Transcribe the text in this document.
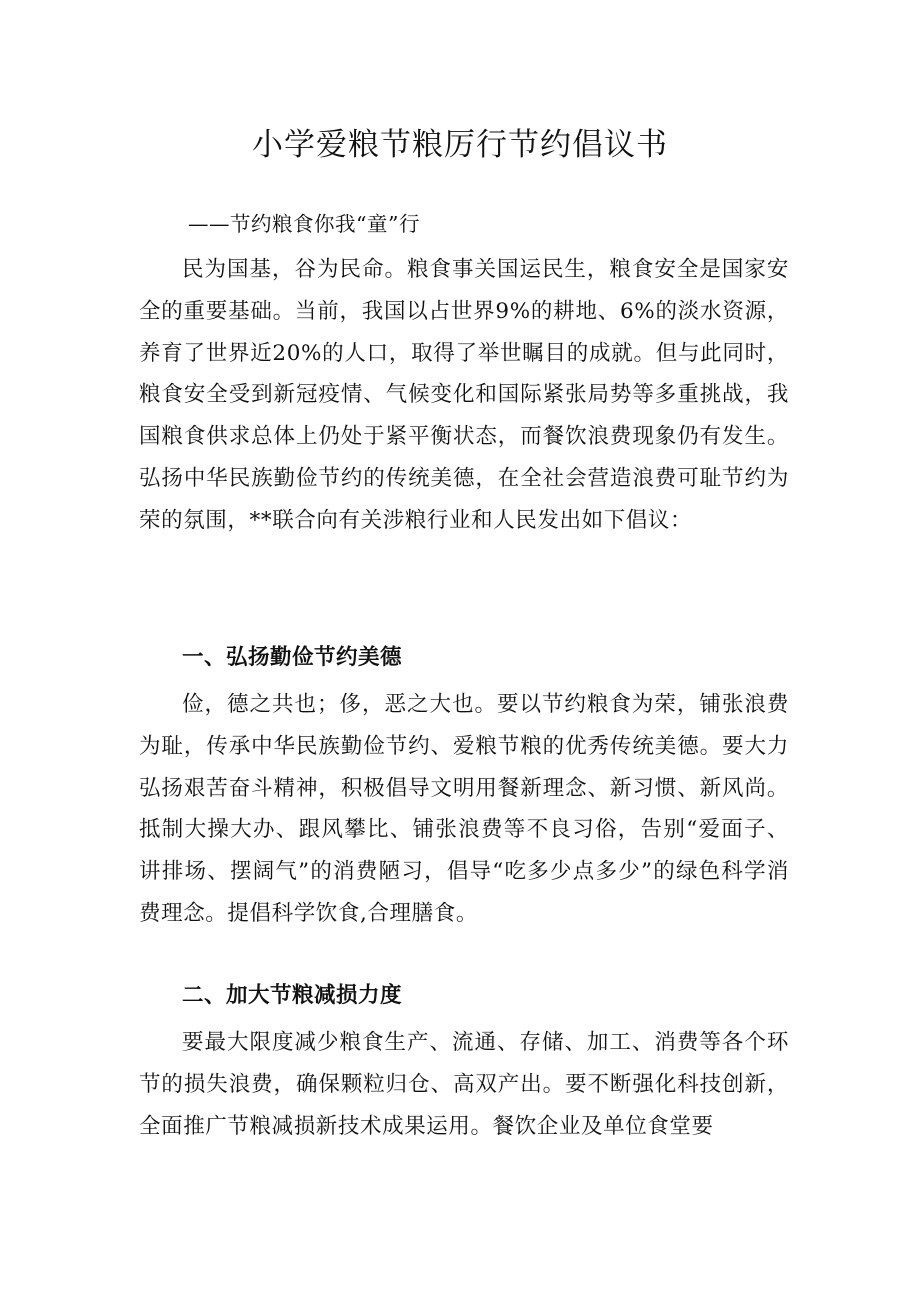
小学爱粮节粮厉行节约倡议书

——节约粮食你我“童”行

民为国基，谷为民命。粮食事关国运民生，粮食安全是国家安全的重要基础。当前，我国以占世界9%的耕地、6%的淡水资源，养育了世界近20%的人口，取得了举世瞩目的成就。但与此同时，粮食安全受到新冠疫情、气候变化和国际紧张局势等多重挑战，我国粮食供求总体上仍处于紧平衡状态，而餐饮浪费现象仍有发生。弘扬中华民族勤俭节约的传统美德，在全社会营造浪费可耻节约为荣的氛围，**联合向有关涉粮行业和人民发出如下倡议：

一、弘扬勤俭节约美德

俭，德之共也；侈，恶之大也。要以节约粮食为荣，铺张浪费为耻，传承中华民族勤俭节约、爱粮节粮的优秀传统美德。要大力弘扬艰苦奋斗精神，积极倡导文明用餐新理念、新习惯、新风尚。抵制大操大办、跟风攀比、铺张浪费等不良习俗，告别“爱面子、讲排场、摆阔气”的消费陋习，倡导“吃多少点多少”的绿色科学消费理念。提倡科学饮食,合理膳食。

二、加大节粮减损力度

要最大限度减少粮食生产、流通、存储、加工、消费等各个环节的损失浪费，确保颗粒归仓、高双产出。要不断强化科技创新，全面推广节粮减损新技术成果运用。餐饮企业及单位食堂要
